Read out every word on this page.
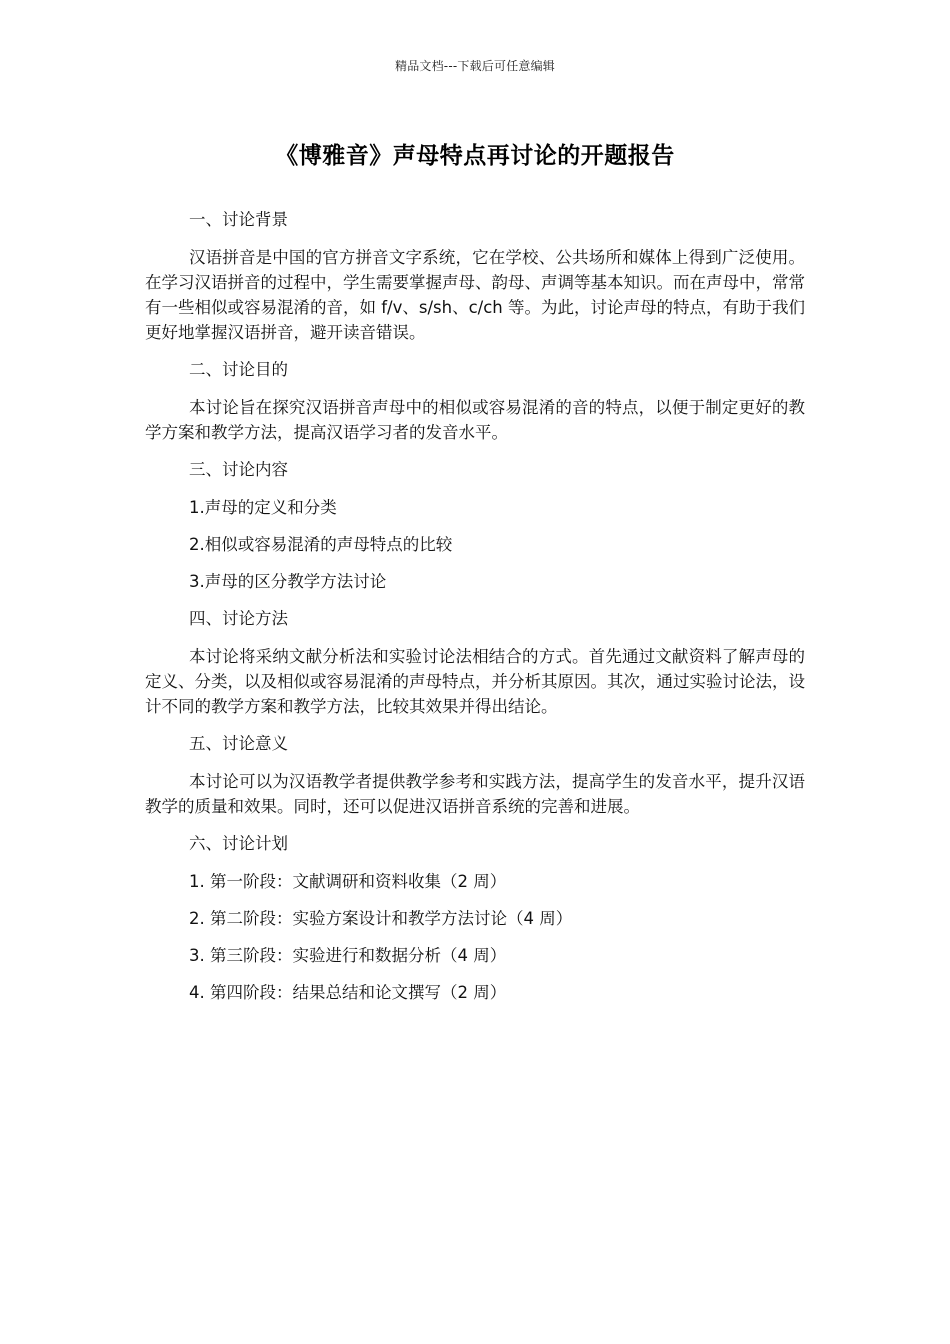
精品文档---下载后可任意编辑
《博雅音》声母特点再讨论的开题报告

一、讨论背景

汉语拼音是中国的官方拼音文字系统，它在学校、公共场所和媒体上得到广泛使用。在学习汉语拼音的过程中，学生需要掌握声母、韵母、声调等基本知识。而在声母中，常常有一些相似或容易混淆的音，如 f/v、s/sh、c/ch 等。为此，讨论声母的特点，有助于我们更好地掌握汉语拼音，避开读音错误。

二、讨论目的

本讨论旨在探究汉语拼音声母中的相似或容易混淆的音的特点，以便于制定更好的教学方案和教学方法，提高汉语学习者的发音水平。

三、讨论内容

1.声母的定义和分类

2.相似或容易混淆的声母特点的比较

3.声母的区分教学方法讨论

四、讨论方法

本讨论将采纳文献分析法和实验讨论法相结合的方式。首先通过文献资料了解声母的定义、分类，以及相似或容易混淆的声母特点，并分析其原因。其次，通过实验讨论法，设计不同的教学方案和教学方法，比较其效果并得出结论。

五、讨论意义

本讨论可以为汉语教学者提供教学参考和实践方法，提高学生的发音水平，提升汉语教学的质量和效果。同时，还可以促进汉语拼音系统的完善和进展。

六、讨论计划

1. 第一阶段：文献调研和资料收集（2 周）

2. 第二阶段：实验方案设计和教学方法讨论（4 周）

3. 第三阶段：实验进行和数据分析（4 周）

4. 第四阶段：结果总结和论文撰写（2 周）
